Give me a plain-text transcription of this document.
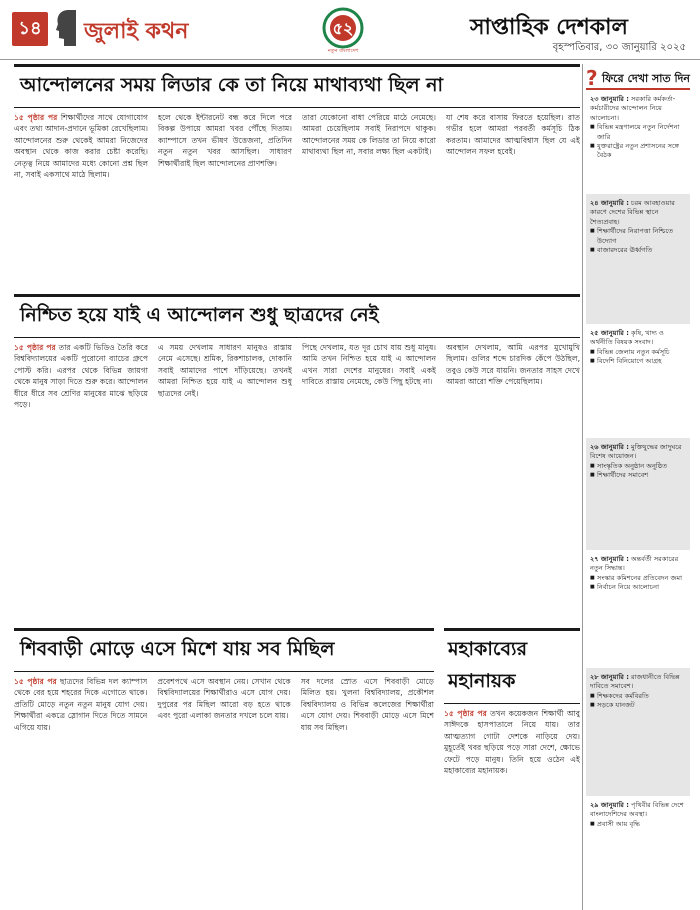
১৪ জুলাই কথন	৫২
নতুন বাংলাদেশ
সাপ্তাহিক দেশকাল
বৃহস্পতিবার, ৩০ জানুয়ারি ২০২৫
আন্দোলনের সময় লিডার কে তা নিয়ে মাথাব্যথা ছিল না
১৫ পৃষ্ঠার পর শিক্ষার্থীদের সাথে যোগাযোগ এবং তথ্য আদান-প্রদানে ভূমিকা রেখেছিলাম। আন্দোলনের শুরু থেকেই আমরা নিজেদের অবস্থান থেকে কাজ করার চেষ্টা করেছি। নেতৃত্ব নিয়ে আমাদের মধ্যে কোনো প্রশ্ন ছিল না, সবাই একসাথে মাঠে ছিলাম।
হলে থেকে ইন্টারনেট বন্ধ করে দিলে পরে বিকল্প উপায়ে আমরা খবর পৌঁছে দিতাম। ক্যাম্পাসে তখন ভীষণ উত্তেজনা, প্রতিদিন নতুন নতুন খবর আসছিল। সাধারণ শিক্ষার্থীরাই ছিল আন্দোলনের প্রাণশক্তি।
তারা যেকোনো বাধা পেরিয়ে মাঠে নেমেছে। আমরা চেয়েছিলাম সবাই নিরাপদে থাকুক। আন্দোলনের সময় কে লিডার তা নিয়ে কারো মাথাব্যথা ছিল না, সবার লক্ষ্য ছিল একটাই।
যা শেষ করে বাসায় ফিরতে হয়েছিল। রাত গভীর হলে আমরা পরবর্তী কর্মসূচি ঠিক করতাম। আমাদের আত্মবিশ্বাস ছিল যে এই আন্দোলন সফল হবেই।
নিশ্চিত হয়ে যাই এ আন্দোলন শুধু ছাত্রদের নেই
১৫ পৃষ্ঠার পর তার একটি ভিডিও তৈরি করে বিশ্ববিদ্যালয়ের একটি পুরোনো ব্যাচের গ্রুপে পোস্ট করি। এরপর থেকে বিভিন্ন জায়গা থেকে মানুষ সাড়া দিতে শুরু করে। আন্দোলন ধীরে ধীরে সব শ্রেণির মানুষের মাঝে ছড়িয়ে পড়ে।
এ সময় দেখলাম সাধারণ মানুষও রাস্তায় নেমে এসেছে। শ্রমিক, রিকশাচালক, দোকানি সবাই আমাদের পাশে দাঁড়িয়েছে। তখনই আমরা নিশ্চিত হয়ে যাই এ আন্দোলন শুধু ছাত্রদের নেই।
পিছে দেখলাম, যত দূর চোখ যায় শুধু মানুষ। আমি তখন নিশ্চিত হয়ে যাই এ আন্দোলন এখন সারা দেশের মানুষের। সবাই একই দাবিতে রাস্তায় নেমেছে, কেউ পিছু হটছে না।
অবস্থান দেখলাম, আমি এরপর মুখোমুখি ছিলাম। গুলির শব্দে চারদিক কেঁপে উঠছিল, তবুও কেউ সরে যায়নি। জনতার সাহস দেখে আমরা আরো শক্তি পেয়েছিলাম।
শিববাড়ী মোড়ে এসে মিশে যায় সব মিছিল
১৫ পৃষ্ঠার পর ছাত্রদের বিভিন্ন দল ক্যাম্পাস থেকে বের হয়ে শহরের দিকে এগোতে থাকে। প্রতিটি মোড়ে নতুন নতুন মানুষ যোগ দেয়। শিক্ষার্থীরা একত্রে স্লোগান দিতে দিতে সামনে এগিয়ে যায়।
প্রবেশপথে এসে অবস্থান নেয়। সেখান থেকে বিশ্ববিদ্যালয়ের শিক্ষার্থীরাও এসে যোগ দেয়। দুপুরের পর মিছিল আরো বড় হতে থাকে এবং পুরো এলাকা জনতার দখলে চলে যায়।
সব দলের স্রোত এসে শিববাড়ী মোড়ে মিলিত হয়। খুলনা বিশ্ববিদ্যালয়, প্রকৌশল বিশ্ববিদ্যালয় ও বিভিন্ন কলেজের শিক্ষার্থীরা এসে যোগ দেয়। শিববাড়ী মোড়ে এসে মিশে যায় সব মিছিল।
মহাকাব্যের মহানায়ক
১৫ পৃষ্ঠার পর তখন কয়েকজন শিক্ষার্থী আবু সাঈদকে হাসপাতালে নিয়ে যায়। তার আত্মত্যাগ গোটা দেশকে নাড়িয়ে দেয়। মুহূর্তেই খবর ছড়িয়ে পড়ে সারা দেশে, ক্ষোভে ফেটে পড়ে মানুষ। তিনি হয়ে ওঠেন এই মহাকাব্যের মহানায়ক।
? ফিরে দেখা সাত দিন
২৩ জানুয়ারি : সরকারি কর্মকর্তা-কর্মচারীদের আন্দোলন নিয়ে আলোচনা।
■ বিভিন্ন মন্ত্রণালয়ে নতুন নির্দেশনা জারি
■ যুক্তরাষ্ট্রের নতুন প্রশাসনের সঙ্গে বৈঠক
২৪ জানুয়ারি : চরম আবহাওয়ার কারণে দেশের বিভিন্ন স্থানে শৈত্যপ্রবাহ।
■ শিক্ষার্থীদের নিরাপত্তা নিশ্চিতে উদ্যোগ
■ বাজারদরের ঊর্ধ্বগতি
২৫ জানুয়ারি : কৃষি, খাদ্য ও অর্থনীতি বিষয়ক সংবাদ।
■ বিভিন্ন জেলায় নতুন কর্মসূচি
■ বিদেশি বিনিয়োগে আগ্রহ
২৬ জানুয়ারি : মুক্তিযুদ্ধের জাদুঘরে বিশেষ আয়োজন।
■ সাংস্কৃতিক অনুষ্ঠান অনুষ্ঠিত
■ শিক্ষার্থীদের সমাবেশ
২৭ জানুয়ারি : অন্তর্বর্তী সরকারের নতুন সিদ্ধান্ত।
■ সংস্কার কমিশনের প্রতিবেদন জমা
■ নির্বাচন নিয়ে আলোচনা
২৮ জানুয়ারি : রাজধানীতে বিভিন্ন দাবিতে সমাবেশ।
■ শিক্ষকদের কর্মবিরতি
■ সড়কে যানজট
২৯ জানুয়ারি : পৃথিবীর বিভিন্ন দেশে বাংলাদেশিদের অবস্থা।
■ প্রবাসী আয় বৃদ্ধি
